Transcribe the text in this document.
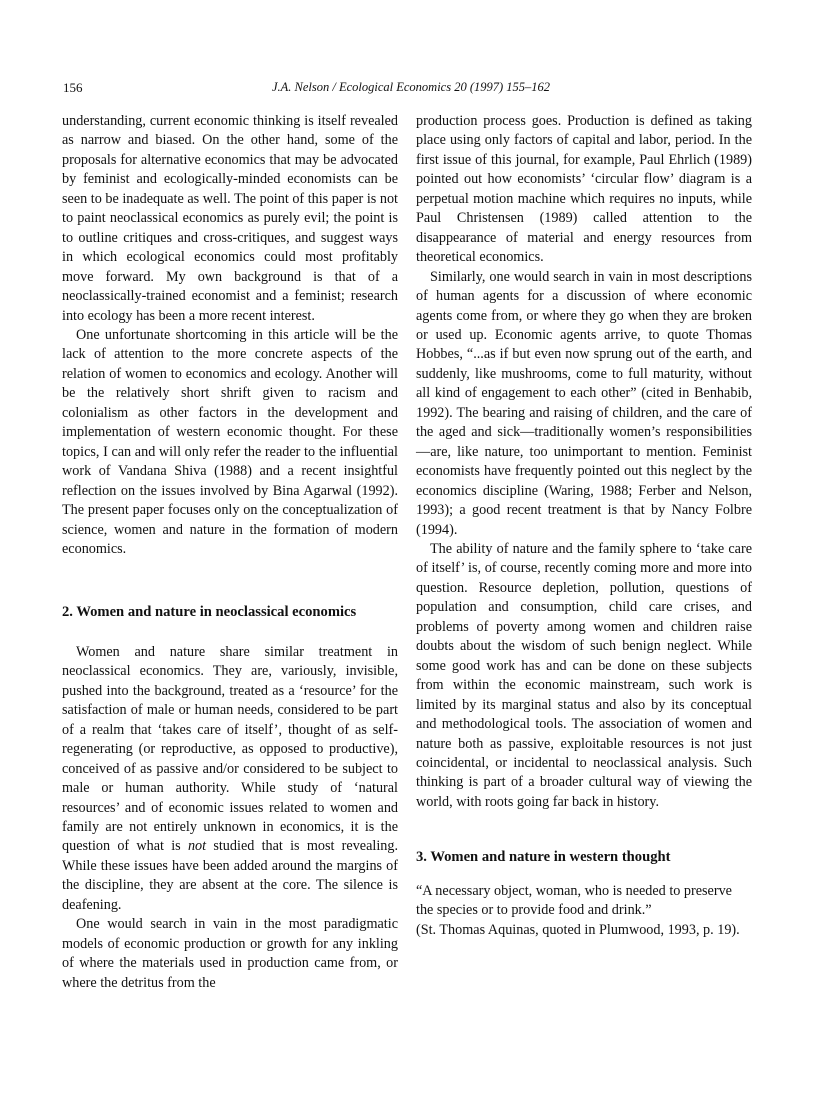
156	J.A. Nelson / Ecological Economics 20 (1997) 155–162

understanding, current economic thinking is itself revealed as narrow and biased. On the other hand, some of the proposals for alternative economics that may be advocated by feminist and ecologically-minded economists can be seen to be inadequate as well. The point of this paper is not to paint neoclassical economics as purely evil; the point is to outline critiques and cross-critiques, and suggest ways in which ecological economics could most profitably move forward. My own background is that of a neoclassically-trained economist and a feminist; research into ecology has been a more recent interest.

One unfortunate shortcoming in this article will be the lack of attention to the more concrete aspects of the relation of women to economics and ecology. Another will be the relatively short shrift given to racism and colonialism as other factors in the development and implementation of western economic thought. For these topics, I can and will only refer the reader to the influential work of Vandana Shiva (1988) and a recent insightful reflection on the issues involved by Bina Agarwal (1992). The present paper focuses only on the conceptualization of science, women and nature in the formation of modern economics.

2. Women and nature in neoclassical economics

Women and nature share similar treatment in neoclassical economics. They are, variously, invisible, pushed into the background, treated as a ‘resource’ for the satisfaction of male or human needs, considered to be part of a realm that ‘takes care of itself’, thought of as self-regenerating (or reproductive, as opposed to productive), conceived of as passive and/or considered to be subject to male or human authority. While study of ‘natural resources’ and of economic issues related to women and family are not entirely unknown in economics, it is the question of what is not studied that is most revealing. While these issues have been added around the margins of the discipline, they are absent at the core. The silence is deafening.

One would search in vain in the most paradigmatic models of economic production or growth for any inkling of where the materials used in production came from, or where the detritus from the

production process goes. Production is defined as taking place using only factors of capital and labor, period. In the first issue of this journal, for example, Paul Ehrlich (1989) pointed out how economists’ ‘circular flow’ diagram is a perpetual motion machine which requires no inputs, while Paul Christensen (1989) called attention to the disappearance of material and energy resources from theoretical economics.

Similarly, one would search in vain in most descriptions of human agents for a discussion of where economic agents come from, or where they go when they are broken or used up. Economic agents arrive, to quote Thomas Hobbes, “...as if but even now sprung out of the earth, and suddenly, like mushrooms, come to full maturity, without all kind of engagement to each other” (cited in Benhabib, 1992). The bearing and raising of children, and the care of the aged and sick—traditionally women’s responsibilities—are, like nature, too unimportant to mention. Feminist economists have frequently pointed out this neglect by the economics discipline (Waring, 1988; Ferber and Nelson, 1993); a good recent treatment is that by Nancy Folbre (1994).

The ability of nature and the family sphere to ‘take care of itself’ is, of course, recently coming more and more into question. Resource depletion, pollution, questions of population and consumption, child care crises, and problems of poverty among women and children raise doubts about the wisdom of such benign neglect. While some good work has and can be done on these subjects from within the economic mainstream, such work is limited by its marginal status and also by its conceptual and methodological tools. The association of women and nature both as passive, exploitable resources is not just coincidental, or incidental to neoclassical analysis. Such thinking is part of a broader cultural way of viewing the world, with roots going far back in history.

3. Women and nature in western thought

“A necessary object, woman, who is needed to preserve the species or to provide food and drink.”

(St. Thomas Aquinas, quoted in Plumwood, 1993, p. 19).
